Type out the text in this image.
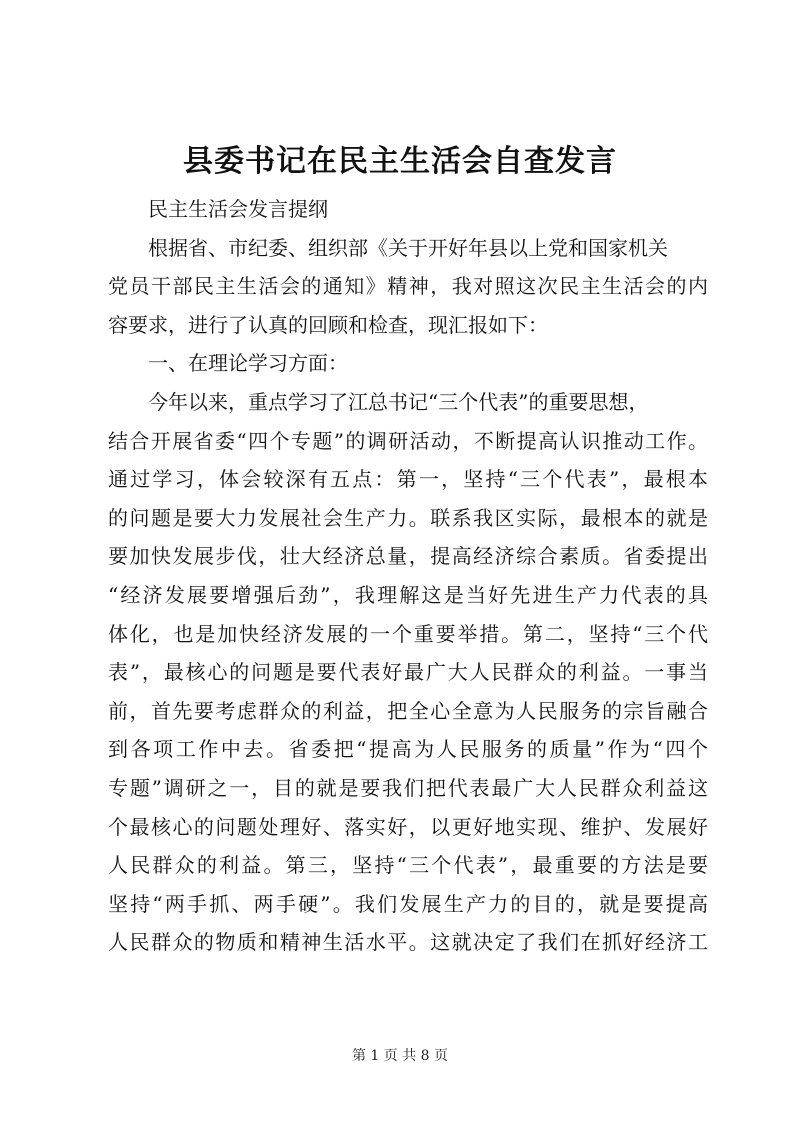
县委书记在民主生活会自查发言
民主生活会发言提纲
根据省、市纪委、组织部《关于开好年县以上党和国家机关
党员干部民主生活会的通知》精神，我对照这次民主生活会的内
容要求，进行了认真的回顾和检查，现汇报如下：
一、在理论学习方面：
今年以来，重点学习了江总书记“三个代表”的重要思想，
结合开展省委“四个专题”的调研活动，不断提高认识推动工作。
通过学习，体会较深有五点：第一，坚持“三个代表”，最根本
的问题是要大力发展社会生产力。联系我区实际，最根本的就是
要加快发展步伐，壮大经济总量，提高经济综合素质。省委提出
“经济发展要增强后劲”，我理解这是当好先进生产力代表的具
体化，也是加快经济发展的一个重要举措。第二，坚持“三个代
表”，最核心的问题是要代表好最广大人民群众的利益。一事当
前，首先要考虑群众的利益，把全心全意为人民服务的宗旨融合
到各项工作中去。省委把“提高为人民服务的质量”作为“四个
专题”调研之一，目的就是要我们把代表最广大人民群众利益这
个最核心的问题处理好、落实好，以更好地实现、维护、发展好
人民群众的利益。第三，坚持“三个代表”，最重要的方法是要
坚持“两手抓、两手硬”。我们发展生产力的目的，就是要提高
人民群众的物质和精神生活水平。这就决定了我们在抓好经济工
第 1 页 共 8 页
